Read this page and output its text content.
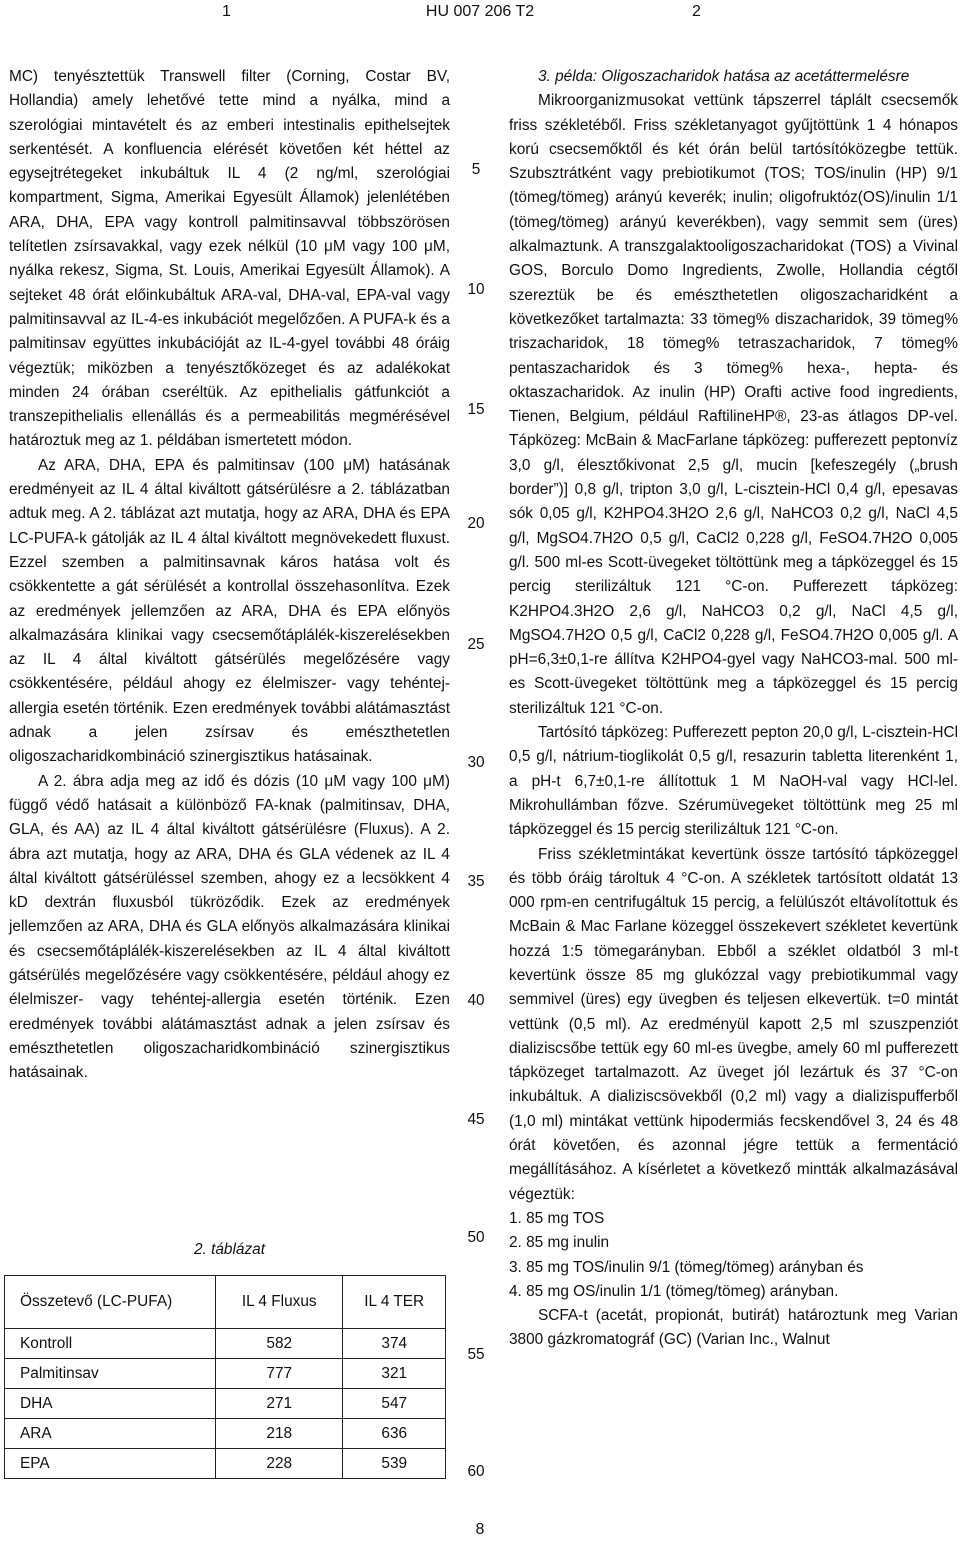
1	HU 007 206 T2	2

MC) tenyésztettük Transwell filter (Corning, Costar BV, Hollandia) amely lehetővé tette mind a nyálka, mind a szerológiai mintavételt és az emberi intestinalis epithelsejtek serkentését. A konfluencia elérését követően két héttel az egysejtrétegeket inkubáltuk IL 4 (2 ng/ml, szerológiai kompartment, Sigma, Amerikai Egyesült Államok) jelenlétében ARA, DHA, EPA vagy kontroll palmitinsavval többszörösen telítetlen zsírsavakkal, vagy ezek nélkül (10 μM vagy 100 μM, nyálka rekesz, Sigma, St. Louis, Amerikai Egyesült Államok). A sejteket 48 órát előinkubáltuk ARA-val, DHA-val, EPA-val vagy palmitinsavval az IL-4-es inkubációt megelőzően. A PUFA-k és a palmitinsav együttes inkubációját az IL-4-gyel további 48 óráig végeztük; miközben a tenyésztőközeget és az adalékokat minden 24 órában cseréltük. Az epithelialis gátfunkciót a transzepithelialis ellenállás és a permeabilitás megmérésével határoztuk meg az 1. példában ismertetett módon.

Az ARA, DHA, EPA és palmitinsav (100 μM) hatásának eredményeit az IL 4 által kiváltott gátsérülésre a 2. táblázatban adtuk meg. A 2. táblázat azt mutatja, hogy az ARA, DHA és EPA LC-PUFA-k gátolják az IL 4 által kiváltott megnövekedett fluxust. Ezzel szemben a palmitinsavnak káros hatása volt és csökkentette a gát sérülését a kontrollal összehasonlítva. Ezek az eredmények jellemzően az ARA, DHA és EPA előnyös alkalmazására klinikai vagy csecsemőtáplálék-kiszerelésekben az IL 4 által kiváltott gátsérülés megelőzésére vagy csökkentésére, például ahogy ez élelmiszer- vagy tehéntej-allergia esetén történik. Ezen eredmények további alátámasztást adnak a jelen zsírsav és emészthetetlen oligoszacharidkombináció szinergisztikus hatásainak.

A 2. ábra adja meg az idő és dózis (10 μM vagy 100 μM) függő védő hatásait a különböző FA-knak (palmitinsav, DHA, GLA, és AA) az IL 4 által kiváltott gátsérülésre (Fluxus). A 2. ábra azt mutatja, hogy az ARA, DHA és GLA védenek az IL 4 által kiváltott gátsérüléssel szemben, ahogy ez a lecsökkent 4 kD dextrán fluxusból tükröződik. Ezek az eredmények jellemzően az ARA, DHA és GLA előnyös alkalmazására klinikai és csecsemőtáplálék-kiszerelésekben az IL 4 által kiváltott gátsérülés megelőzésére vagy csökkentésére, például ahogy ez élelmiszer- vagy tehéntej-allergia esetén történik. Ezen eredmények további alátámasztást adnak a jelen zsírsav és emészthetetlen oligoszacharidkombináció szinergisztikus hatásainak.

2. táblázat
Összetevő (LC-PUFA)	IL 4 Fluxus	IL 4 TER
Kontroll	582	374
Palmitinsav	777	321
DHA	271	547
ARA	218	636
EPA	228	539
5
10
15
20
25
30
35
40
45
50
55
60

3. példa: Oligoszacharidok hatása az acetáttermelésre

Mikroorganizmusokat vettünk tápszerrel táplált csecsemők friss székletéből. Friss székletanyagot gyűjtöttünk 1 4 hónapos korú csecsemőktől és két órán belül tartósítóközegbe tettük. Szubsztrátként vagy prebiotikumot (TOS; TOS/inulin (HP) 9/1 (tömeg/tömeg) arányú keverék; inulin; oligofruktóz(OS)/inulin 1/1 (tömeg/tömeg) arányú keverékben), vagy semmit sem (üres) alkalmaztunk. A transzgalaktooligoszacharidokat (TOS) a Vivinal GOS, Borculo Domo Ingredients, Zwolle, Hollandia cégtől szereztük be és emészthetetlen oligoszacharidként a következőket tartalmazta: 33 tömeg% diszacharidok, 39 tömeg% triszacharidok, 18 tömeg% tetraszacharidok, 7 tömeg% pentaszacharidok és 3 tömeg% hexa-, hepta- és oktaszacharidok. Az inulin (HP) Orafti active food ingredients, Tienen, Belgium, például RaftilineHP®, 23-as átlagos DP-vel. Tápközeg: McBain & MacFarlane tápközeg: pufferezett peptonvíz 3,0 g/l, élesztőkivonat 2,5 g/l, mucin [kefeszegély („brush border”)] 0,8 g/l, tripton 3,0 g/l, L-cisztein-HCl 0,4 g/l, epesavas sók 0,05 g/l, K2HPO4.3H2O 2,6 g/l, NaHCO3 0,2 g/l, NaCl 4,5 g/l, MgSO4.7H2O 0,5 g/l, CaCl2 0,228 g/l, FeSO4.7H2O 0,005 g/l. 500 ml-es Scott-üvegeket töltöttünk meg a tápközeggel és 15 percig sterilizáltuk 121 °C-on. Pufferezett tápközeg: K2HPO4.3H2O 2,6 g/l, NaHCO3 0,2 g/l, NaCl 4,5 g/l, MgSO4.7H2O 0,5 g/l, CaCl2 0,228 g/l, FeSO4.7H2O 0,005 g/l. A pH=6,3±0,1-re állítva K2HPO4-gyel vagy NaHCO3-mal. 500 ml-es Scott-üvegeket töltöttünk meg a tápközeggel és 15 percig sterilizáltuk 121 °C-on.

Tartósító tápközeg: Pufferezett pepton 20,0 g/l, L-cisztein-HCl 0,5 g/l, nátrium-tioglikolát 0,5 g/l, resazurin tabletta literenként 1, a pH-t 6,7±0,1-re állítottuk 1 M NaOH-val vagy HCl-lel. Mikrohullámban főzve. Szérumüvegeket töltöttünk meg 25 ml tápközeggel és 15 percig sterilizáltuk 121 °C-on.

Friss székletmintákat kevertünk össze tartósító tápközeggel és több óráig tároltuk 4 °C-on. A székletek tartósított oldatát 13 000 rpm-en centrifugáltuk 15 percig, a felülúszót eltávolítottuk és McBain & Mac Farlane közeggel összekevert székletet kevertünk hozzá 1:5 tömegarányban. Ebből a széklet oldatból 3 ml-t kevertünk össze 85 mg glukózzal vagy prebiotikummal vagy semmivel (üres) egy üvegben és teljesen elkevertük. t=0 mintát vettünk (0,5 ml). Az eredményül kapott 2,5 ml szuszpenziót dializiscsőbe tettük egy 60 ml-es üvegbe, amely 60 ml pufferezett tápközeget tartalmazott. Az üveget jól lezártuk és 37 °C-on inkubáltuk. A dializiscsövekből (0,2 ml) vagy a dializispufferből (1,0 ml) mintákat vettünk hipodermiás fecskendővel 3, 24 és 48 órát követően, és azonnal jégre tettük a fermentáció megállításához. A kísérletet a következő mintták alkalmazásával végeztük:

1. 85 mg TOS

2. 85 mg inulin

3. 85 mg TOS/inulin 9/1 (tömeg/tömeg) arányban és

4. 85 mg OS/inulin 1/1 (tömeg/tömeg) arányban.

SCFA-t (acetát, propionát, butirát) határoztunk meg Varian 3800 gázkromatográf (GC) (Varian Inc., Walnut

8
